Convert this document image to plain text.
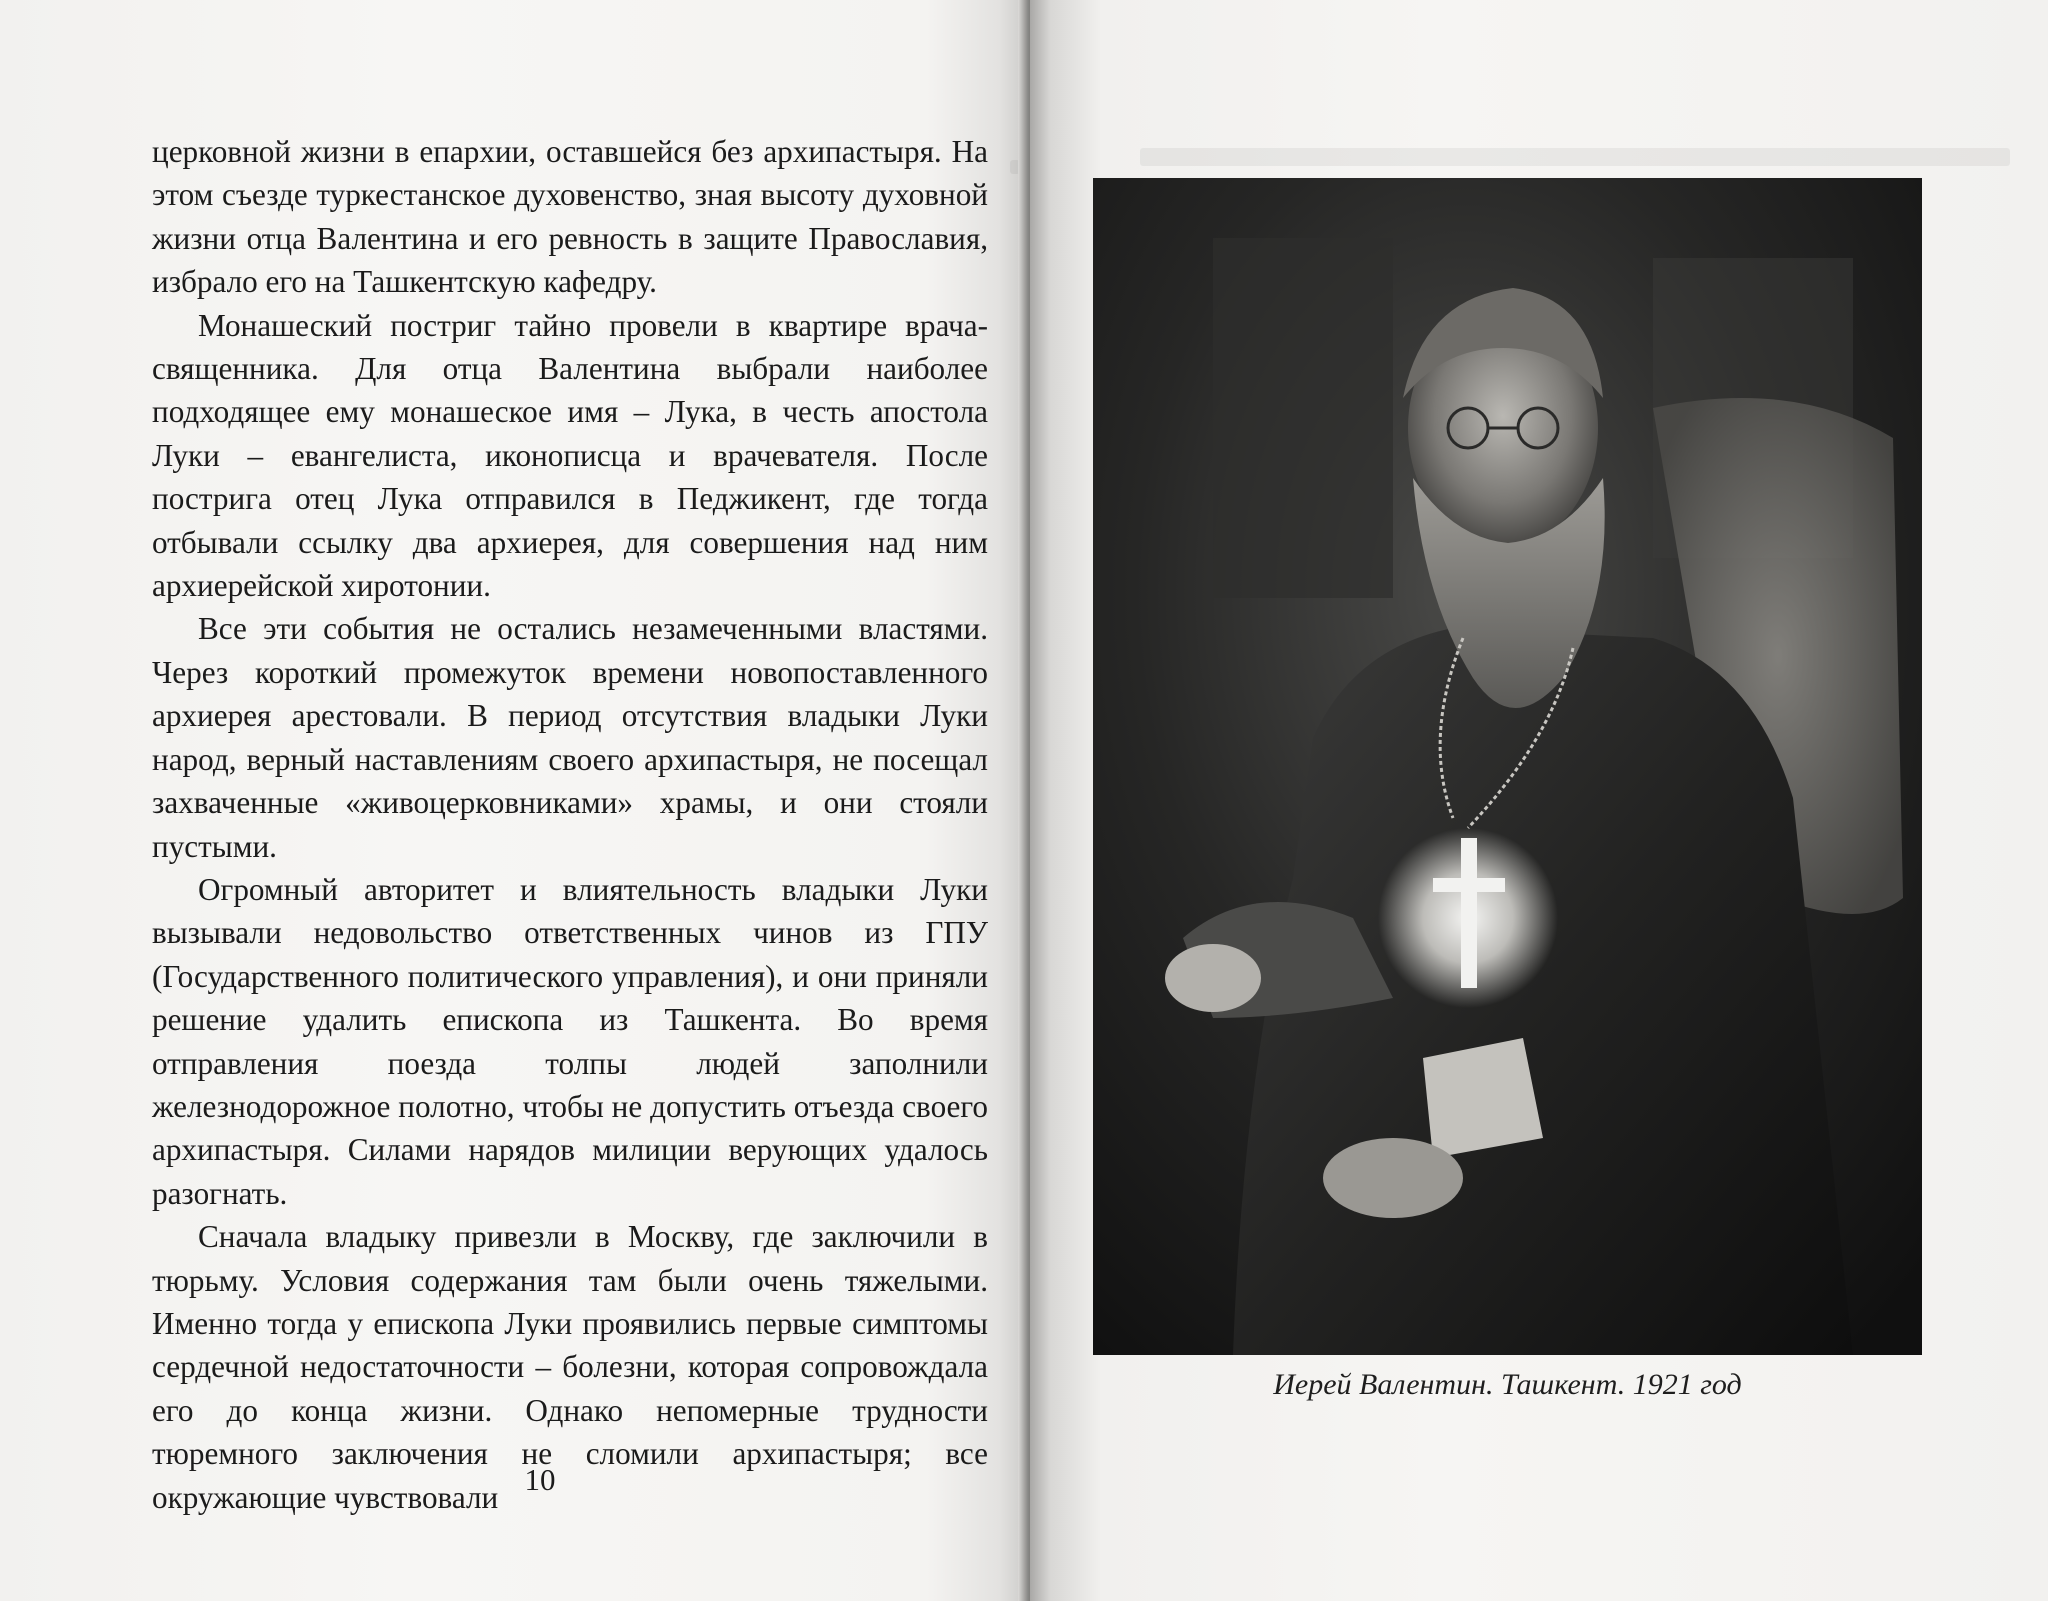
церковной жизни в епархии, оставшейся без архипастыря. На этом съезде туркестанское духовенство, зная высоту духовной жизни отца Валентина и его ревность в защите Православия, избрало его на Ташкентскую кафедру.

Монашеский постриг тайно провели в квартире врача-священника. Для отца Валентина выбрали наиболее подходящее ему монашеское имя – Лука, в честь апостола Луки – евангелиста, иконописца и врачевателя. После пострига отец Лука отправился в Педжикент, где тогда отбывали ссылку два архиерея, для совершения над ним архиерейской хиротонии.

Все эти события не остались незамеченными властями. Через короткий промежуток времени новопоставленного архиерея арестовали. В период отсутствия владыки Луки народ, верный наставлениям своего архипастыря, не посещал захваченные «живоцерковниками» храмы, и они стояли пустыми.

Огромный авторитет и влиятельность владыки Луки вызывали недовольство ответственных чинов из ГПУ (Государственного политического управления), и они приняли решение удалить епископа из Ташкента. Во время отправления поезда толпы людей заполнили железнодорожное полотно, чтобы не допустить отъезда своего архипастыря. Силами нарядов милиции верующих удалось разогнать.

Сначала владыку привезли в Москву, где заключили в тюрьму. Условия содержания там были очень тяжелыми. Именно тогда у епископа Луки проявились первые симптомы сердечной недостаточности – болезни, которая сопровождала его до конца жизни. Однако непомерные трудности тюремного заключения не сломили архипастыря; все окружающие чувствовали

10
Иерей Валентин. Ташкент. 1921 год
